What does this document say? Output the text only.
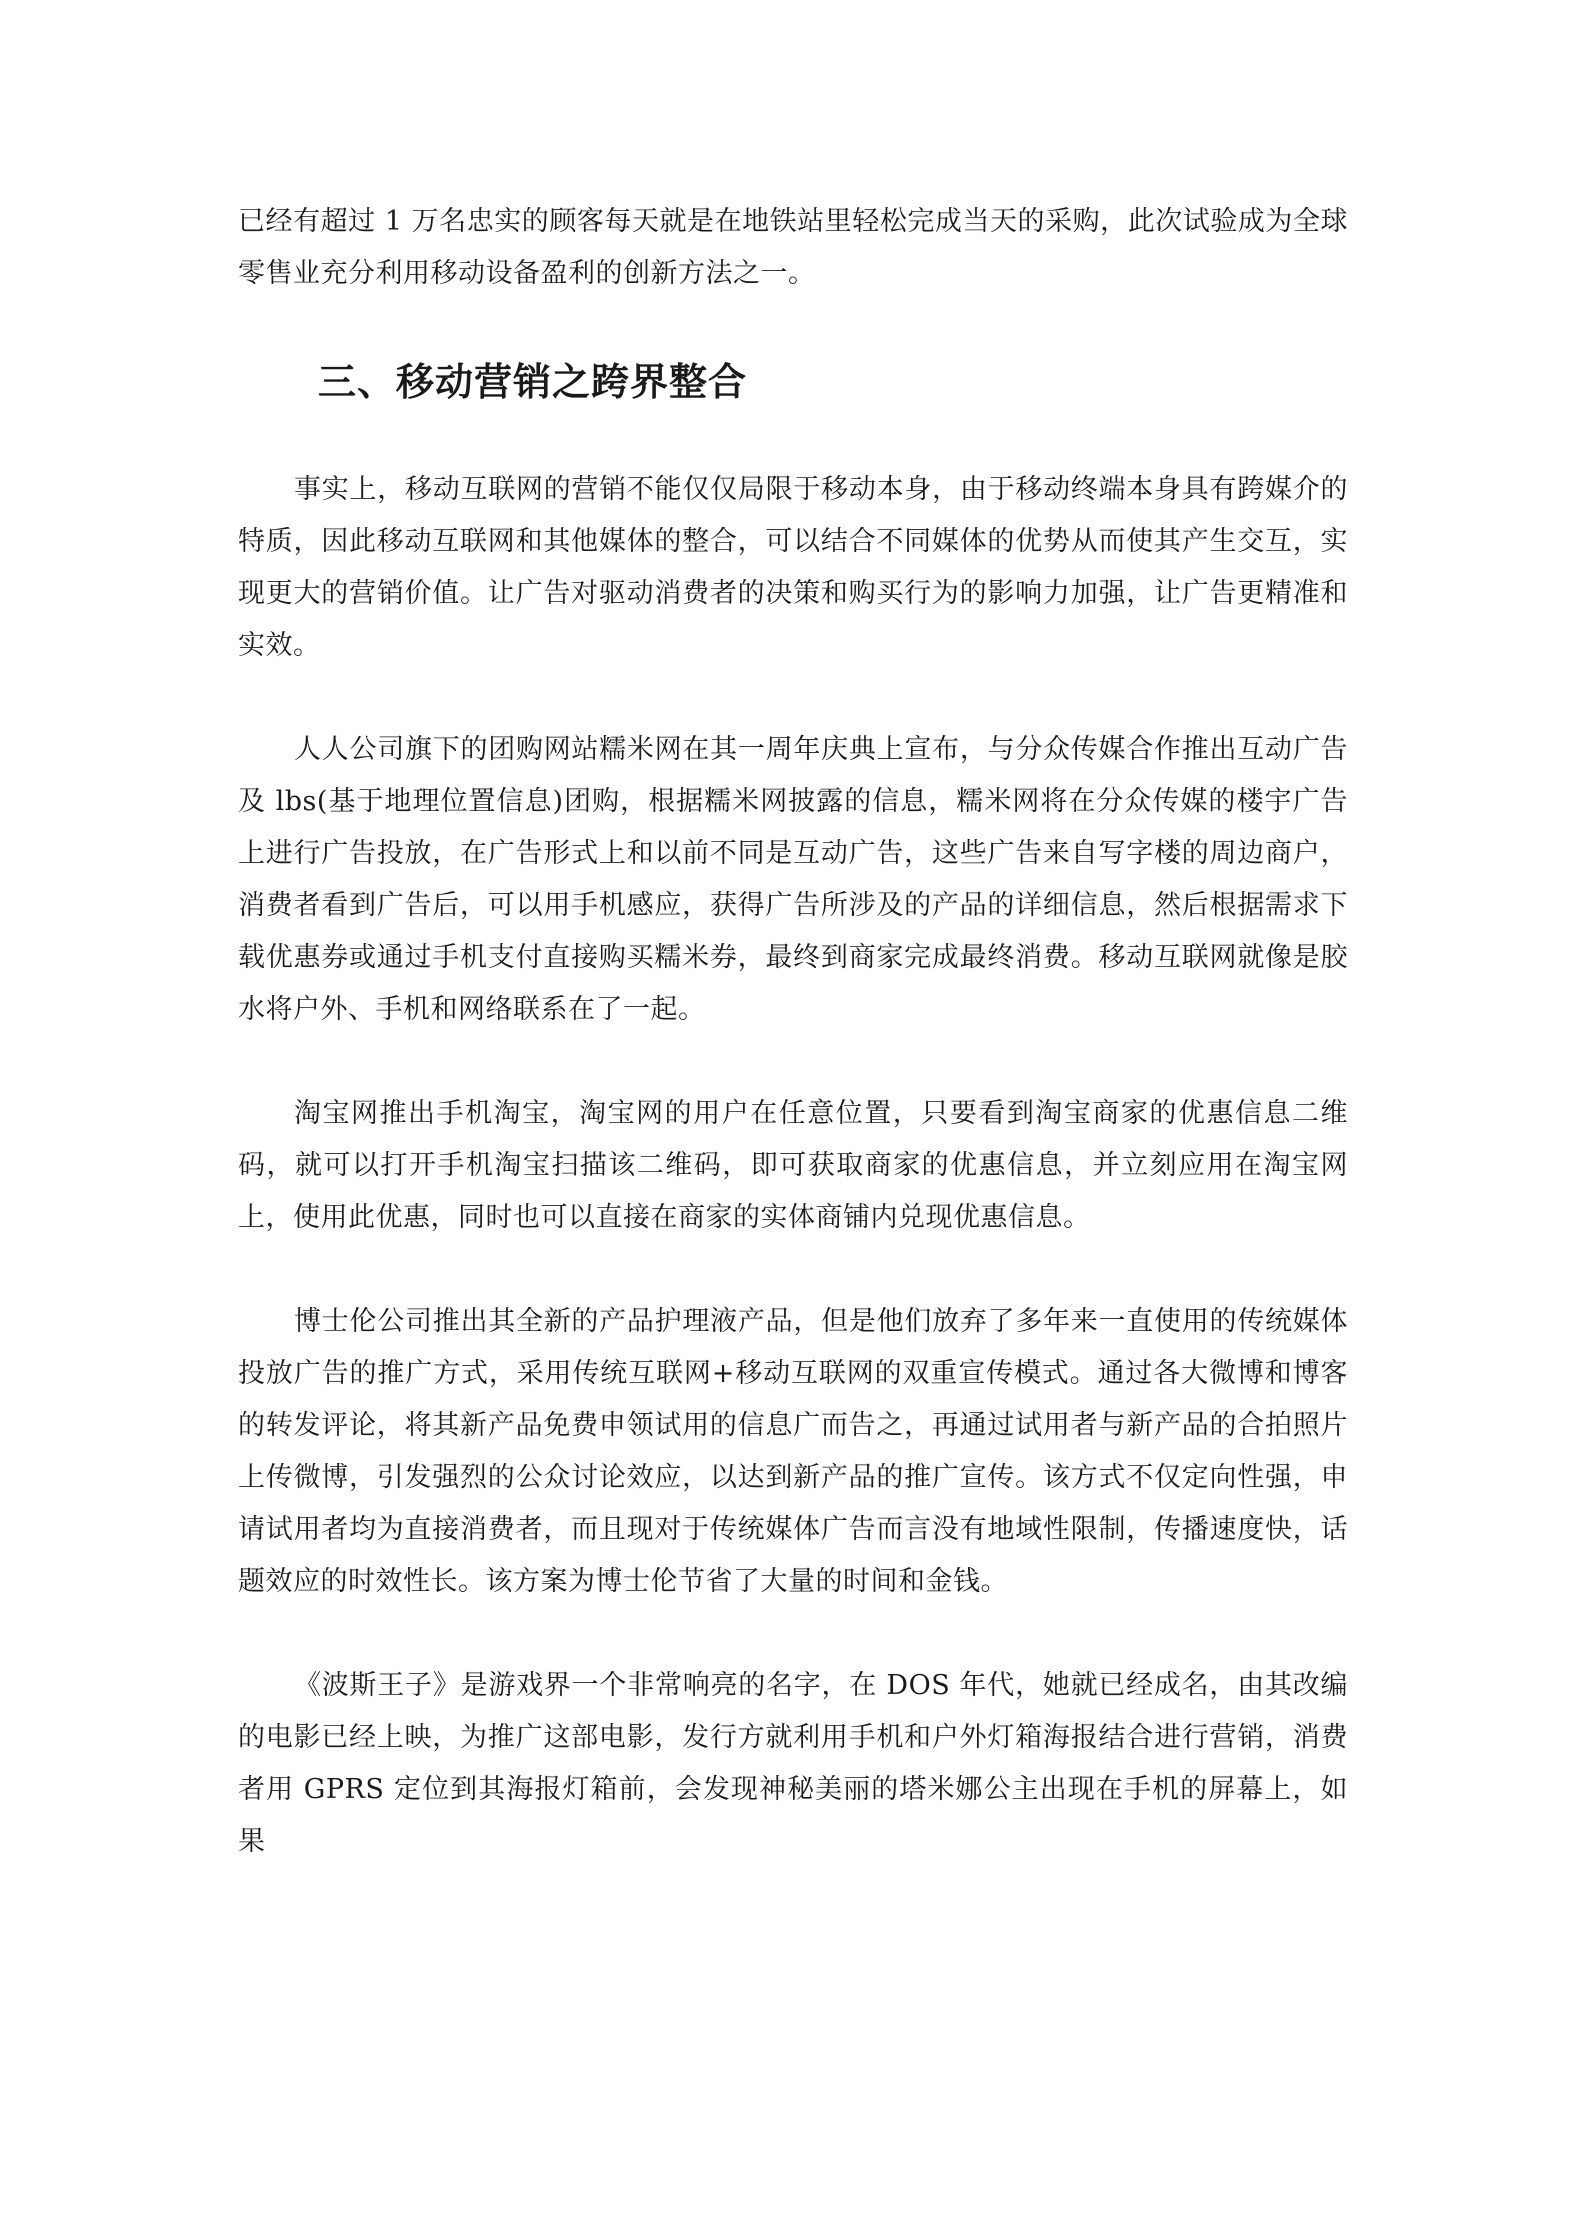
已经有超过 1 万名忠实的顾客每天就是在地铁站里轻松完成当天的采购，此次试验成为全球零售业充分利用移动设备盈利的创新方法之一。

三、移动营销之跨界整合

事实上，移动互联网的营销不能仅仅局限于移动本身，由于移动终端本身具有跨媒介的特质，因此移动互联网和其他媒体的整合，可以结合不同媒体的优势从而使其产生交互，实现更大的营销价值。让广告对驱动消费者的决策和购买行为的影响力加强，让广告更精准和实效。

人人公司旗下的团购网站糯米网在其一周年庆典上宣布，与分众传媒合作推出互动广告及 lbs(基于地理位置信息)团购，根据糯米网披露的信息，糯米网将在分众传媒的楼宇广告上进行广告投放，在广告形式上和以前不同是互动广告，这些广告来自写字楼的周边商户，消费者看到广告后，可以用手机感应，获得广告所涉及的产品的详细信息，然后根据需求下载优惠券或通过手机支付直接购买糯米券，最终到商家完成最终消费。移动互联网就像是胶水将户外、手机和网络联系在了一起。

淘宝网推出手机淘宝，淘宝网的用户在任意位置，只要看到淘宝商家的优惠信息二维码，就可以打开手机淘宝扫描该二维码，即可获取商家的优惠信息，并立刻应用在淘宝网上，使用此优惠，同时也可以直接在商家的实体商铺内兑现优惠信息。

博士伦公司推出其全新的产品护理液产品，但是他们放弃了多年来一直使用的传统媒体投放广告的推广方式，采用传统互联网+移动互联网的双重宣传模式。通过各大微博和博客的转发评论，将其新产品免费申领试用的信息广而告之，再通过试用者与新产品的合拍照片上传微博，引发强烈的公众讨论效应，以达到新产品的推广宣传。该方式不仅定向性强，申请试用者均为直接消费者，而且现对于传统媒体广告而言没有地域性限制，传播速度快，话题效应的时效性长。该方案为博士伦节省了大量的时间和金钱。

《波斯王子》是游戏界一个非常响亮的名字，在 DOS 年代，她就已经成名，由其改编的电影已经上映，为推广这部电影，发行方就利用手机和户外灯箱海报结合进行营销，消费者用 GPRS 定位到其海报灯箱前，会发现神秘美丽的塔米娜公主出现在手机的屏幕上，如果
